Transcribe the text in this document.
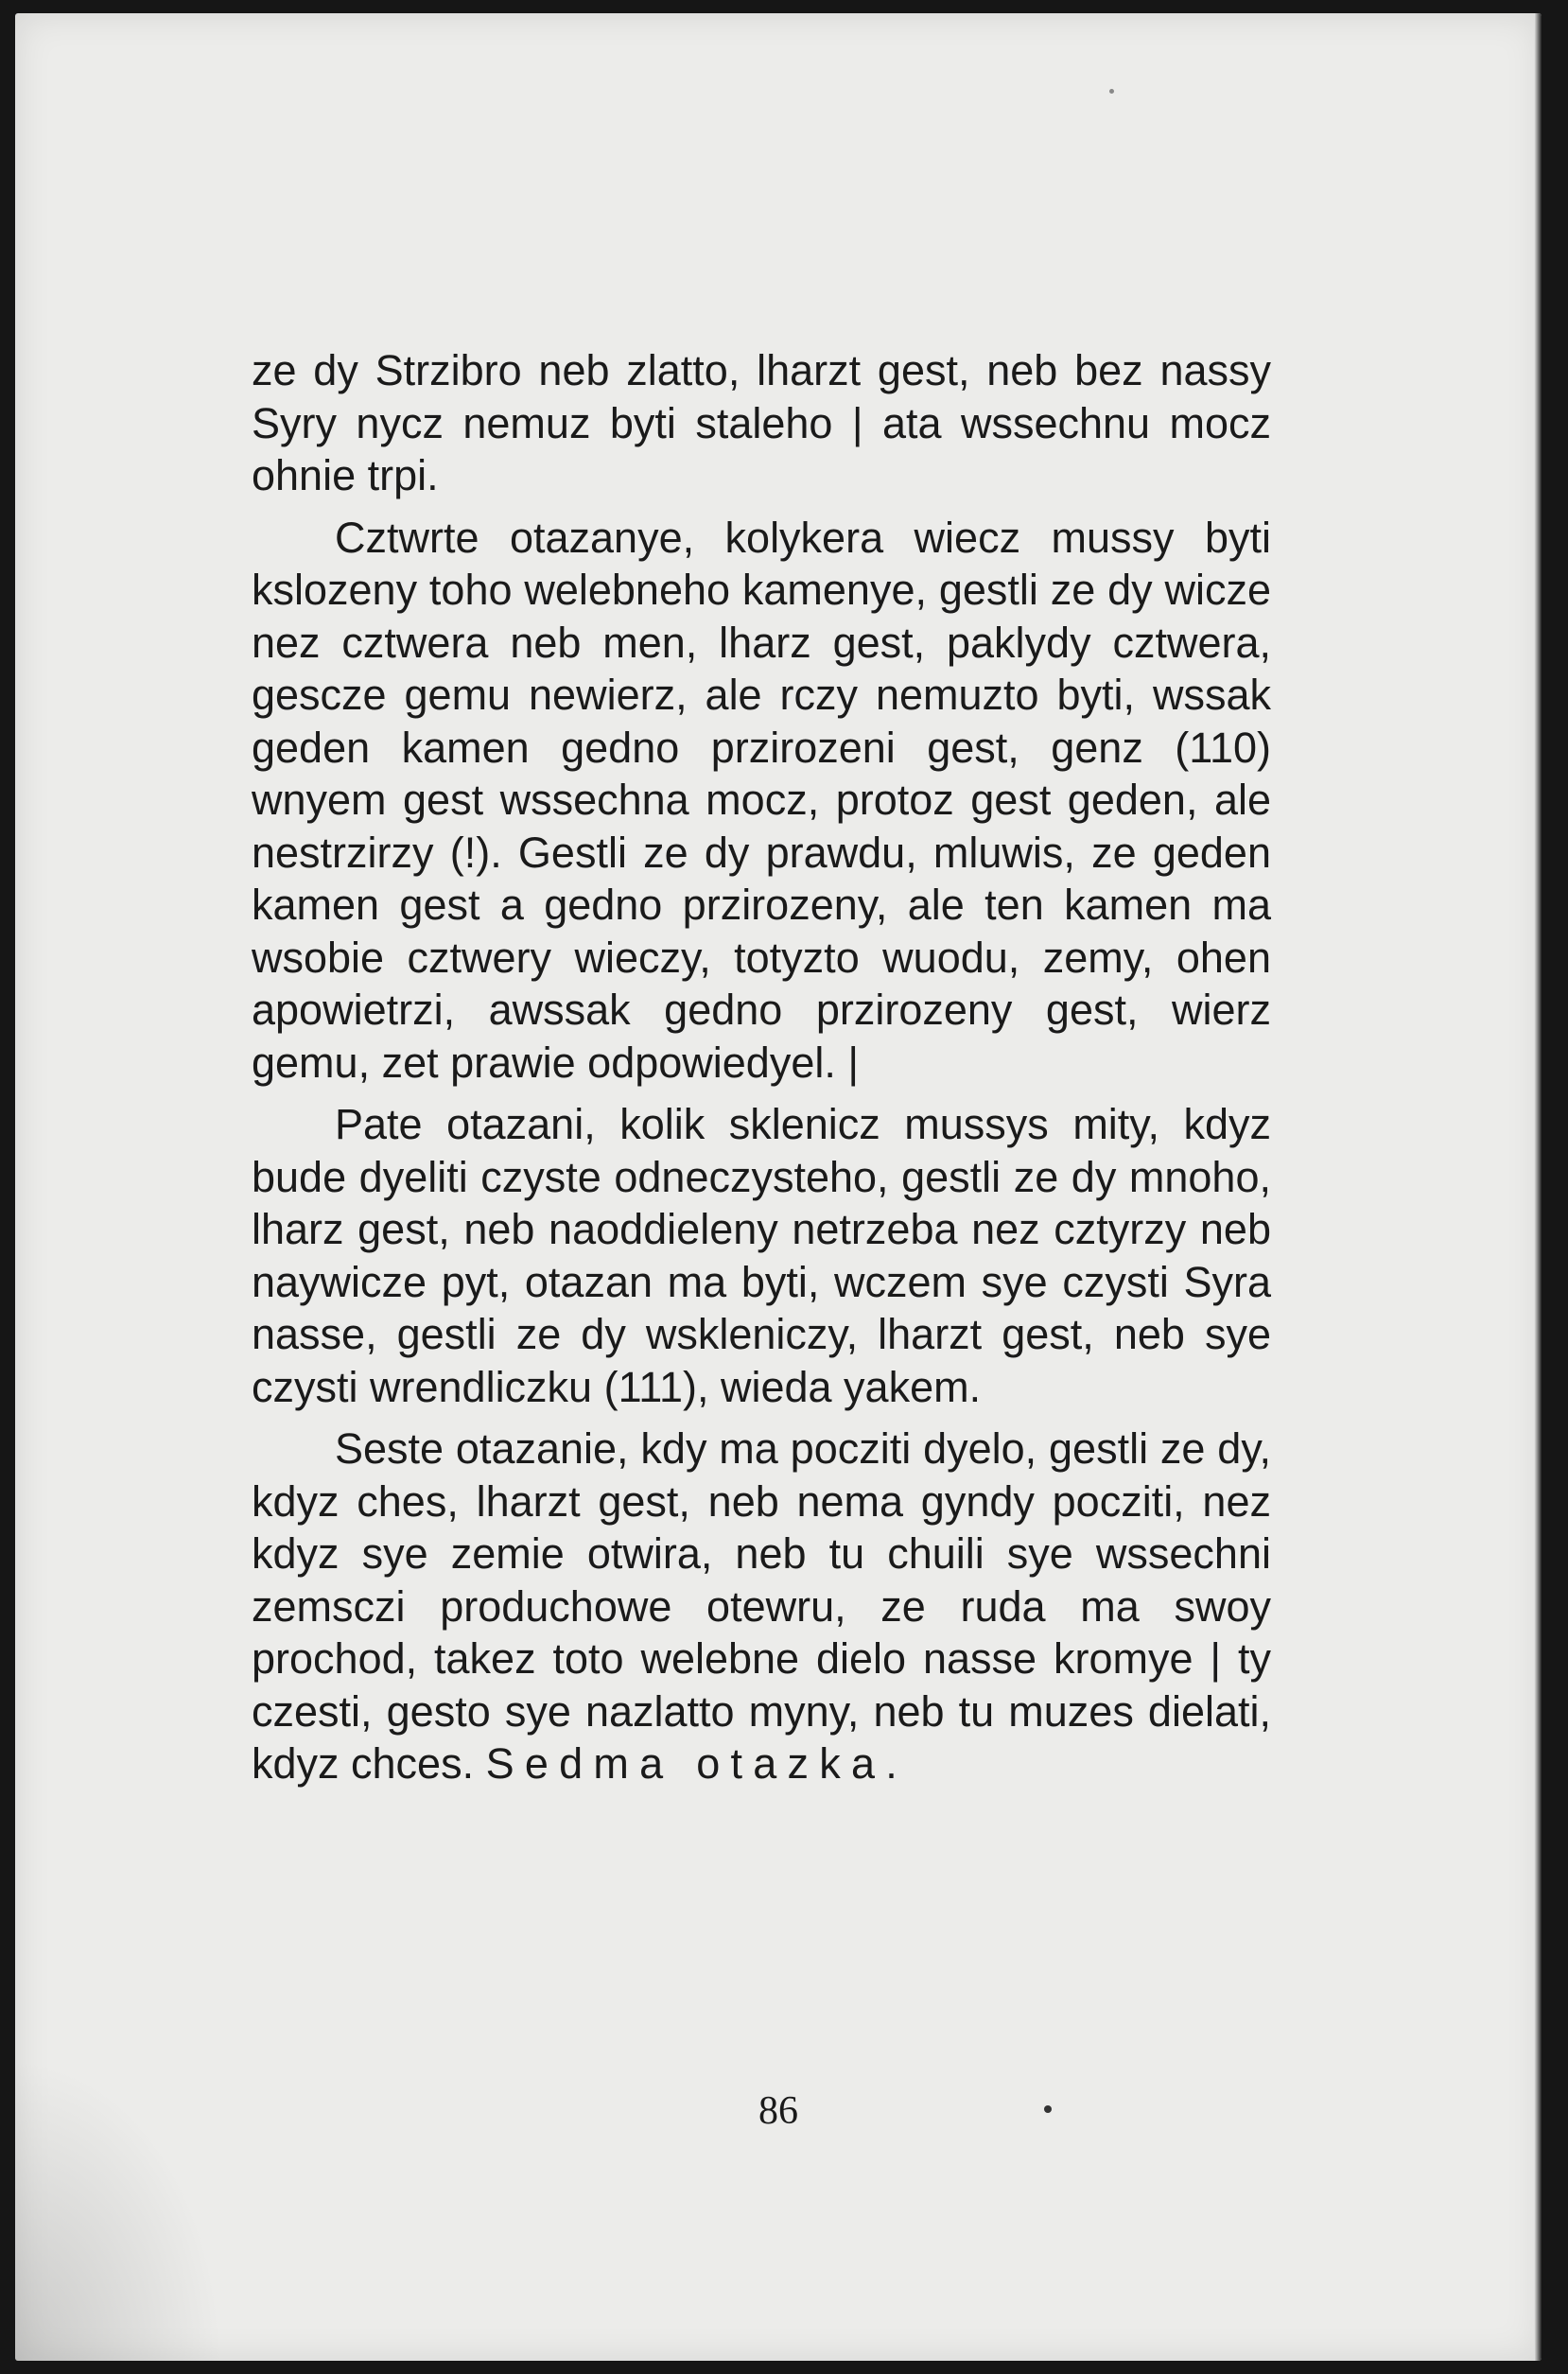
ze dy Strzibro neb zlatto, lharzt gest, neb bez nassy Syry nycz nemuz byti staleho | ata wssechnu mocz ohnie trpi.

Cztwrte otazanye, kolykera wiecz mussy byti kslozeny toho welebneho kamenye, gestli ze dy wicze nez cztwera neb men, lharz gest, paklydy cztwera, gescze gemu newierz, ale rczy nemuzto byti, wssak geden kamen gedno przirozeni gest, genz (110) wnyem gest wssechna mocz, protoz gest geden, ale nestrzirzy (!). Gestli ze dy prawdu, mluwis, ze geden kamen gest a gedno przirozeny, ale ten kamen ma wsobie cztwery wieczy, totyzto wuodu, zemy, ohen apowietrzi, awssak gedno przirozeny gest, wierz gemu, zet prawie odpowiedyel. |

Pate otazani, kolik sklenicz mussys mity, kdyz bude dyeliti czyste odneczysteho, gestli ze dy mnoho, lharz gest, neb naoddieleny netrzeba nez cztyrzy neb naywicze pyt, otazan ma byti, wczem sye czysti Syra nasse, gestli ze dy wskleniczy, lharzt gest, neb sye czysti wrendliczku (111), wieda yakem.

Seste otazanie, kdy ma pocziti dyelo, gestli ze dy, kdyz ches, lharzt gest, neb nema gyndy pocziti, nez kdyz sye zemie otwira, neb tu chuili sye wssechni zemsczi produchowe otewru, ze ruda ma swoy prochod, takez toto welebne dielo nasse kromye | ty czesti, gesto sye nazlatto myny, neb tu muzes dielati, kdyz chces. Sedma otazka.

86
